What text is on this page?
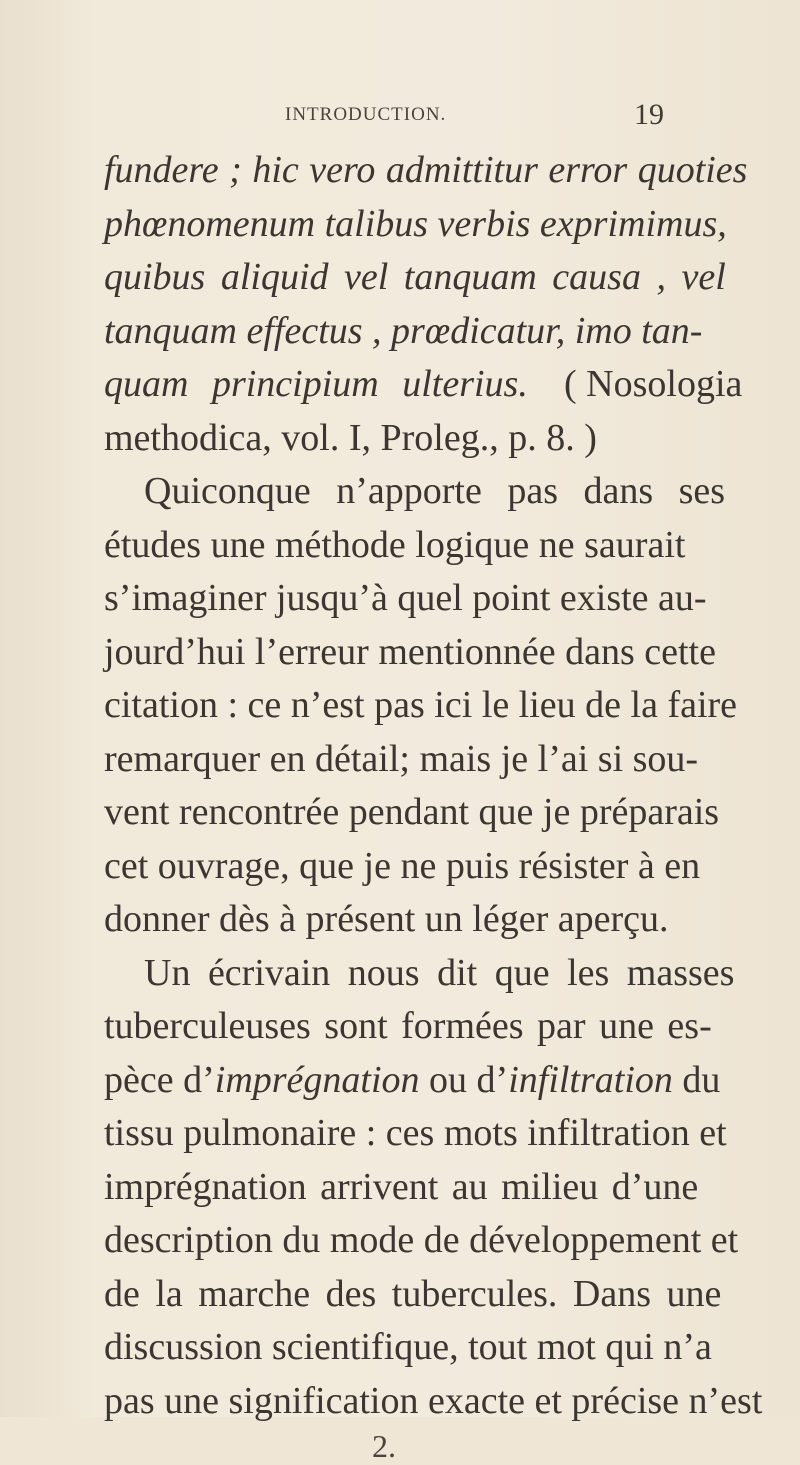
INTRODUCTION.	19
fundere ; hic vero admittitur error quoties
phœnomenum talibus verbis exprimimus,
quibus aliquid vel tanquam causa , vel
tanquam effectus , prœdicatur, imo tan-
quam principium ulterius. ( Nosologia
methodica, vol. I, Proleg., p. 8. )
Quiconque n’apporte pas dans ses
études une méthode logique ne saurait
s’imaginer jusqu’à quel point existe au-
jourd’hui l’erreur mentionnée dans cette
citation : ce n’est pas ici le lieu de la faire
remarquer en détail; mais je l’ai si sou-
vent rencontrée pendant que je préparais
cet ouvrage, que je ne puis résister à en
donner dès à présent un léger aperçu.
Un écrivain nous dit que les masses
tuberculeuses sont formées par une es-
pèce d’imprégnation ou d’infiltration du
tissu pulmonaire : ces mots infiltration et
imprégnation arrivent au milieu d’une
description du mode de développement et
de la marche des tubercules. Dans une
discussion scientifique, tout mot qui n’a
pas une signification exacte et précise n’est
2.
